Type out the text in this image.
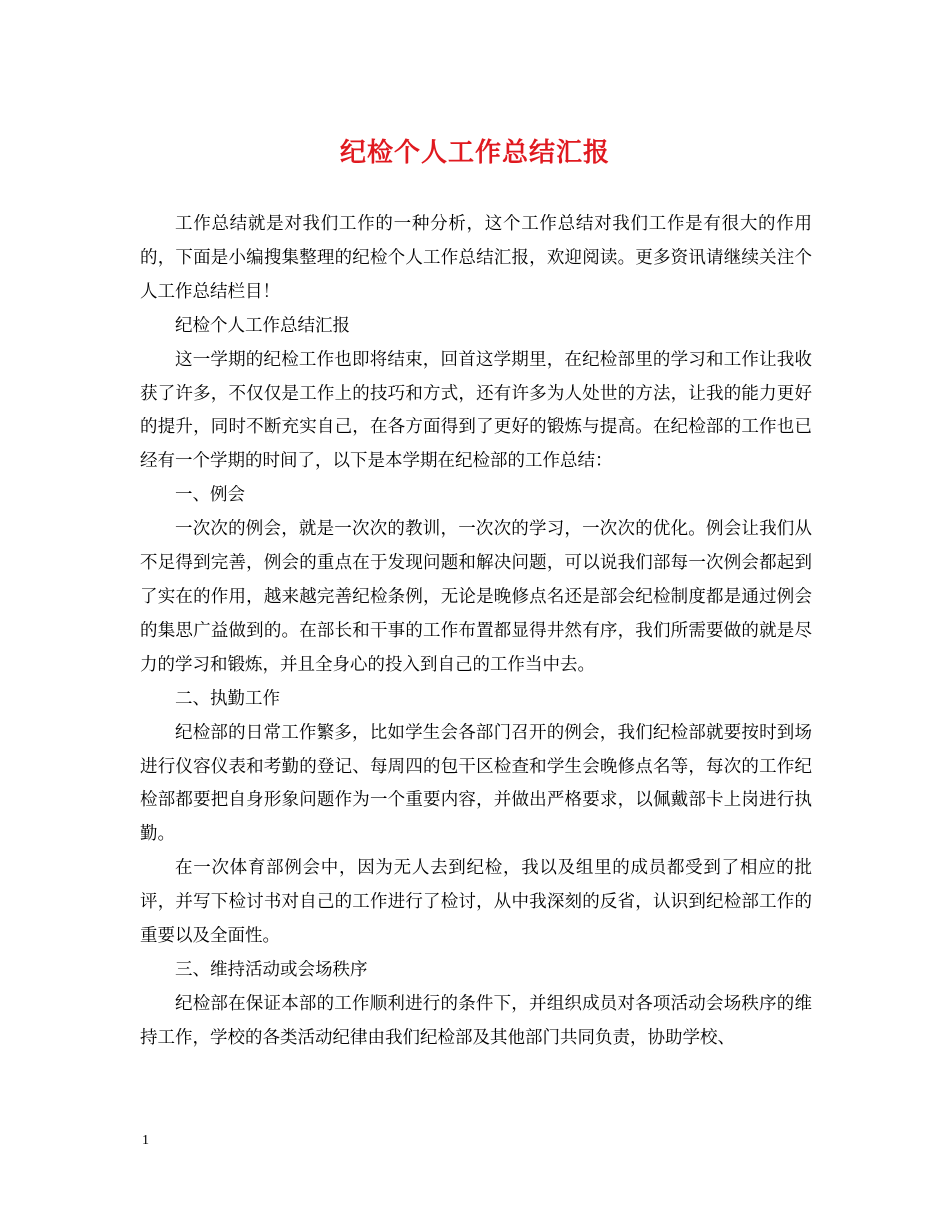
纪检个人工作总结汇报

工作总结就是对我们工作的一种分析，这个工作总结对我们工作是有很大的作用的，下面是小编搜集整理的纪检个人工作总结汇报，欢迎阅读。更多资讯请继续关注个人工作总结栏目！

纪检个人工作总结汇报

这一学期的纪检工作也即将结束，回首这学期里，在纪检部里的学习和工作让我收获了许多，不仅仅是工作上的技巧和方式，还有许多为人处世的方法，让我的能力更好的提升，同时不断充实自己，在各方面得到了更好的锻炼与提高。在纪检部的工作也已经有一个学期的时间了，以下是本学期在纪检部的工作总结：

一、例会

一次次的例会，就是一次次的教训，一次次的学习，一次次的优化。例会让我们从不足得到完善，例会的重点在于发现问题和解决问题，可以说我们部每一次例会都起到了实在的作用，越来越完善纪检条例，无论是晚修点名还是部会纪检制度都是通过例会的集思广益做到的。在部长和干事的工作布置都显得井然有序，我们所需要做的就是尽力的学习和锻炼，并且全身心的投入到自己的工作当中去。

二、执勤工作

纪检部的日常工作繁多，比如学生会各部门召开的例会，我们纪检部就要按时到场进行仪容仪表和考勤的登记、每周四的包干区检查和学生会晚修点名等，每次的工作纪检部都要把自身形象问题作为一个重要内容，并做出严格要求，以佩戴部卡上岗进行执勤。

在一次体育部例会中，因为无人去到纪检，我以及组里的成员都受到了相应的批评，并写下检讨书对自己的工作进行了检讨，从中我深刻的反省，认识到纪检部工作的重要以及全面性。

三、维持活动或会场秩序

纪检部在保证本部的工作顺利进行的条件下，并组织成员对各项活动会场秩序的维持工作，学校的各类活动纪律由我们纪检部及其他部门共同负责，协助学校、

1
